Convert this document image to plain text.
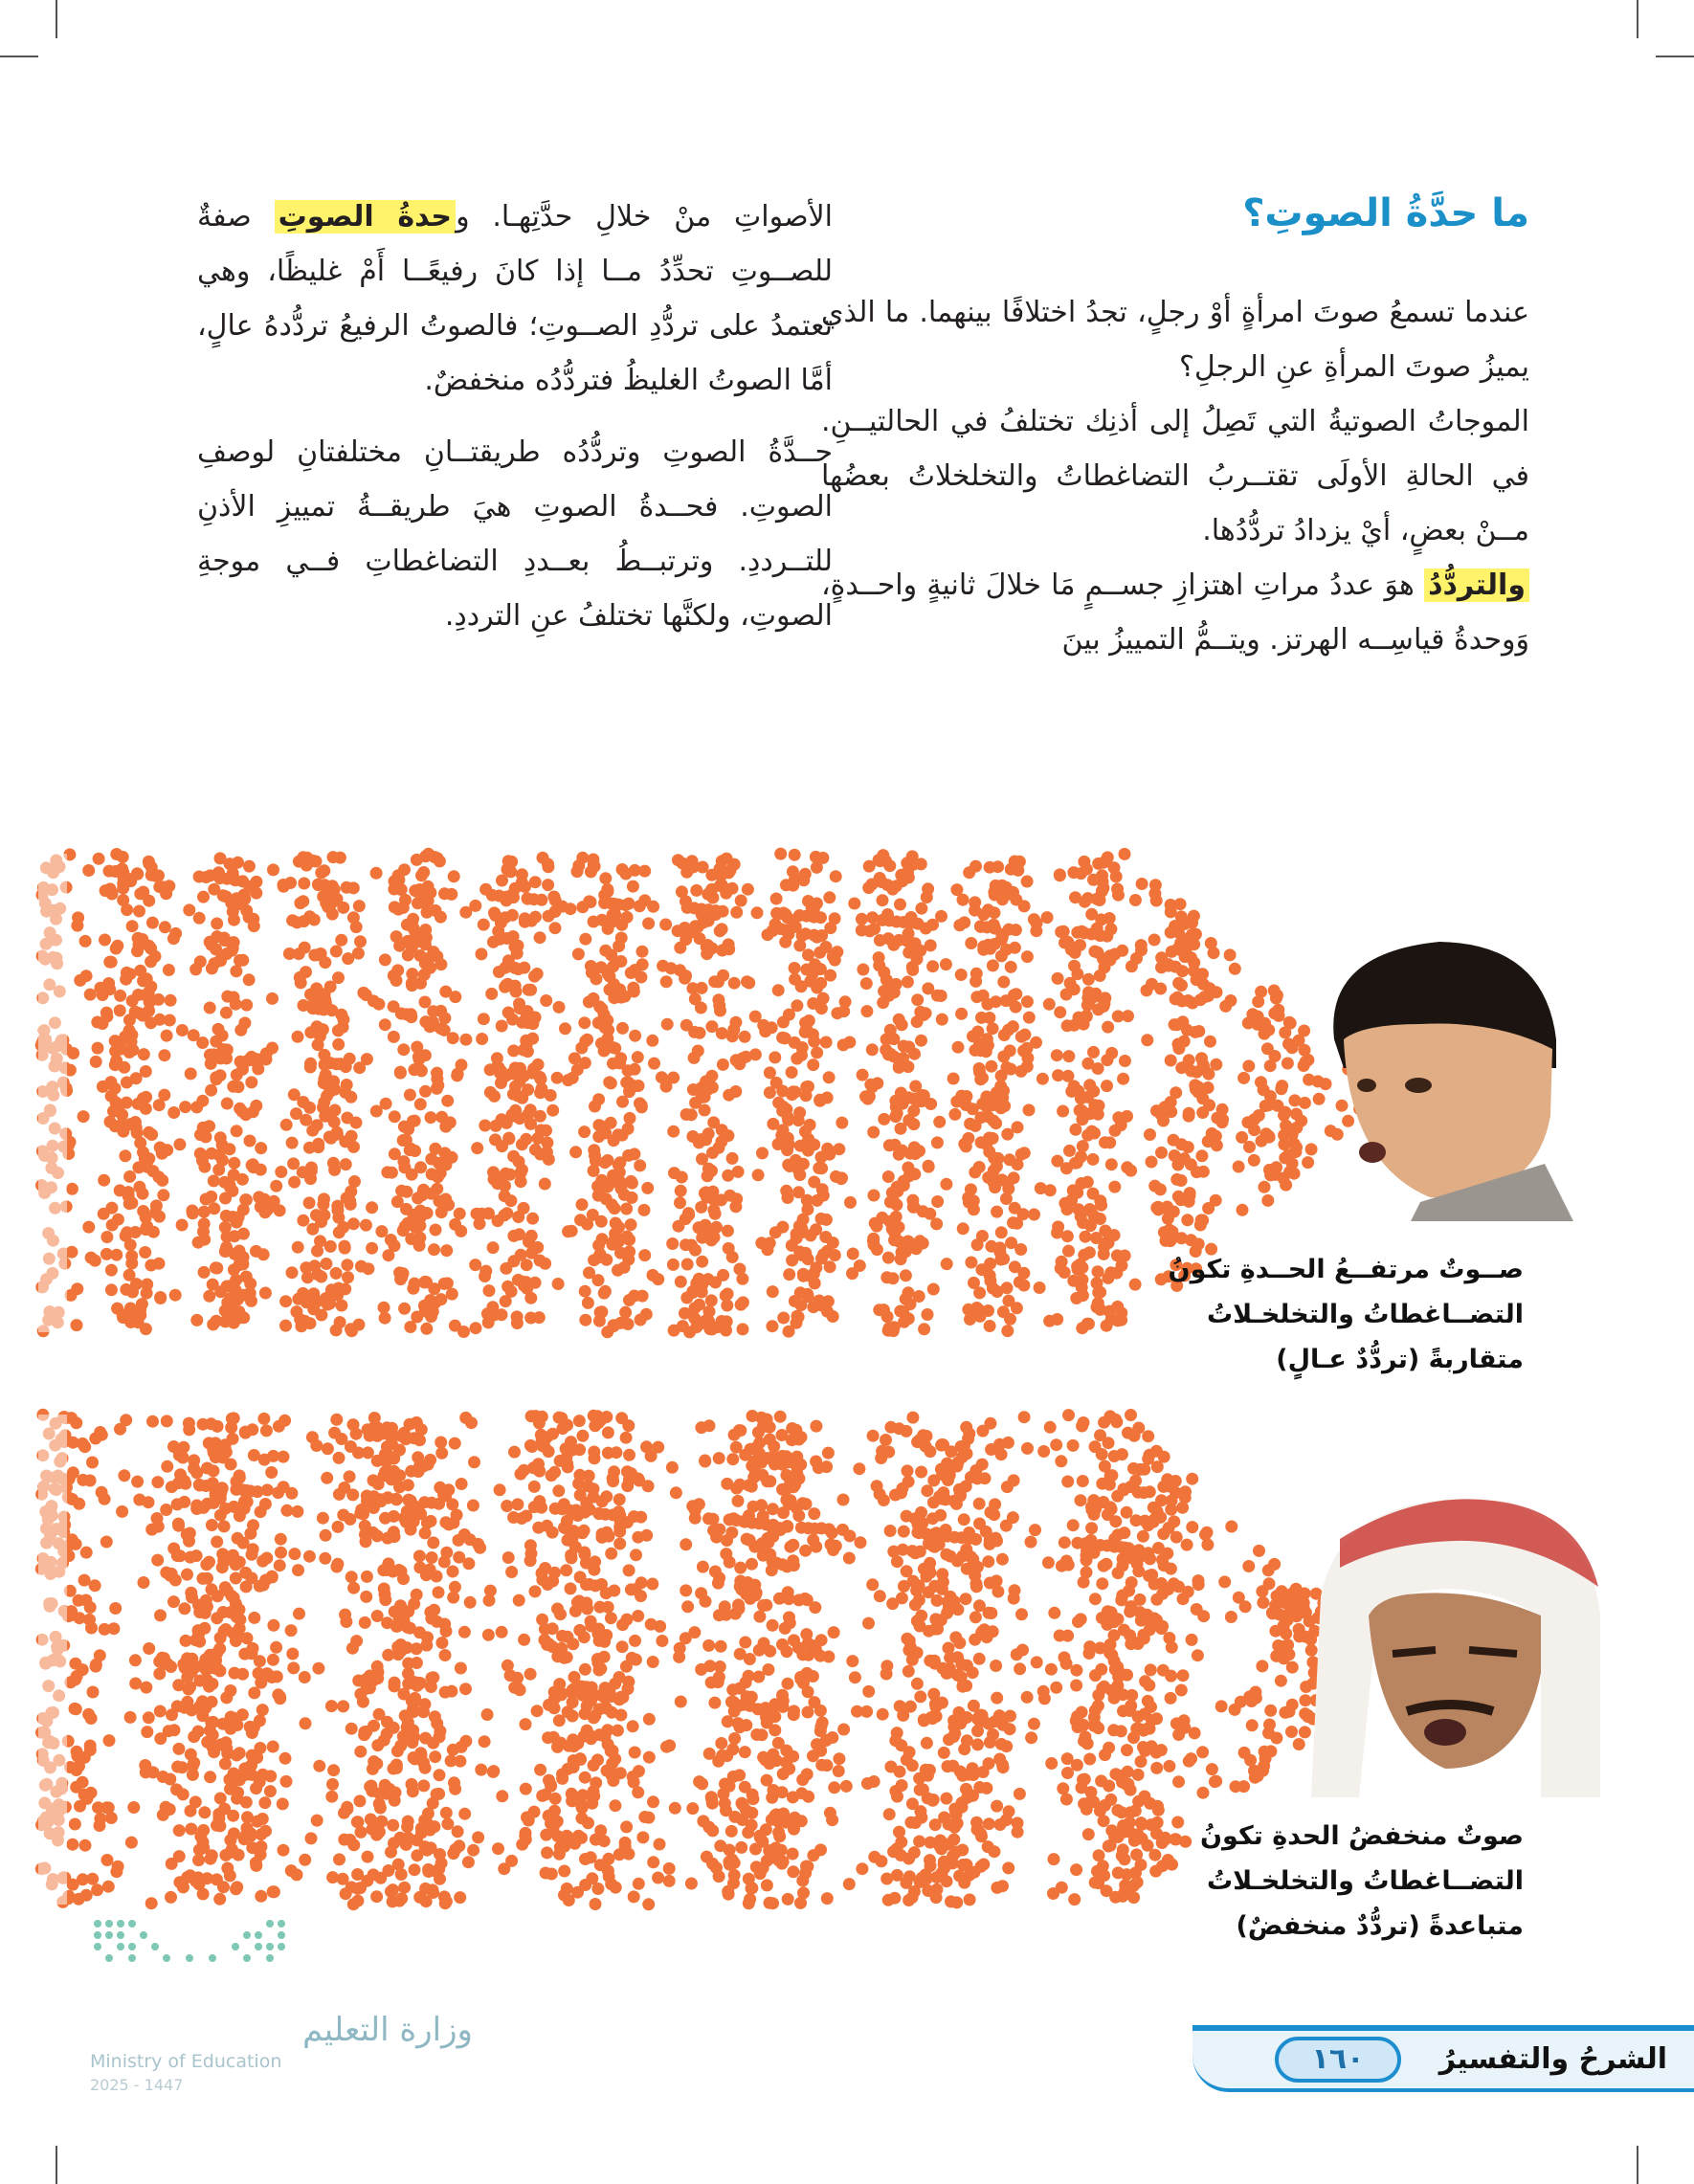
ما حدَّةُ الصوتِ؟

عندما تسمعُ صوتَ امرأةٍ أوْ رجلٍ، تجدُ اختلافًا بينهما. ما الذي يميزُ صوتَ المرأةِ عنِ الرجلِ؟

الموجاتُ الصوتيةُ التي تَصِلُ إلى أذنِك تختلفُ في الحالتيــنِ. في الحالةِ الأولَى تقتــربُ التضاغطاتُ والتخلخلاتُ بعضُها مــنْ بعضٍ، أيْ يزدادُ تردُّدُها.

والتردُّدُ هوَ عددُ مراتِ اهتزازِ جســمٍ مَا خلالَ ثانيةٍ واحــدةٍ، وَوحدةُ قياسِــه الهرتز. ويتــمُّ التمييزُ بينَ

الأصواتِ منْ خلالِ حدَّتِهـا. وحدةُ الصوتِ صفةٌ للصــوتِ تحدِّدُ مــا إذا كانَ رفيعًــا أَمْ غليظًا، وهي تعتمدُ على تردُّدِ الصــوتِ؛ فالصوتُ الرفيعُ تردُّدهُ عالٍ، أمَّا الصوتُ الغليظُ فتردُّدُه منخفضٌ.

حــدَّةُ الصوتِ وتردُّدُه طريقتــانِ مختلفتانِ لوصفِ الصوتِ. فحــدةُ الصوتِ هيَ طريقــةُ تمييزِ الأذنِ للتــرددِ. وترتبــطُ بعــددِ التضاغطاتِ فــي موجةِ الصوتِ، ولكنَّها تختلفُ عنِ الترددِ.

صــوتٌ مرتفــعُ الحــدةِ تكونُ
التضــاغطاتُ والتخلخـلاتُ
متقاربةً (تردُّدٌ عـالٍ)
صوتٌ منخفضُ الحدةِ تكونُ
التضــاغطاتُ والتخلخـلاتُ
متباعدةً (تردُّدٌ منخفضٌ)
الشرحُ والتفسيرُ
١٦٠
وزارة التعليم
Ministry of Education
2025 - 1447
